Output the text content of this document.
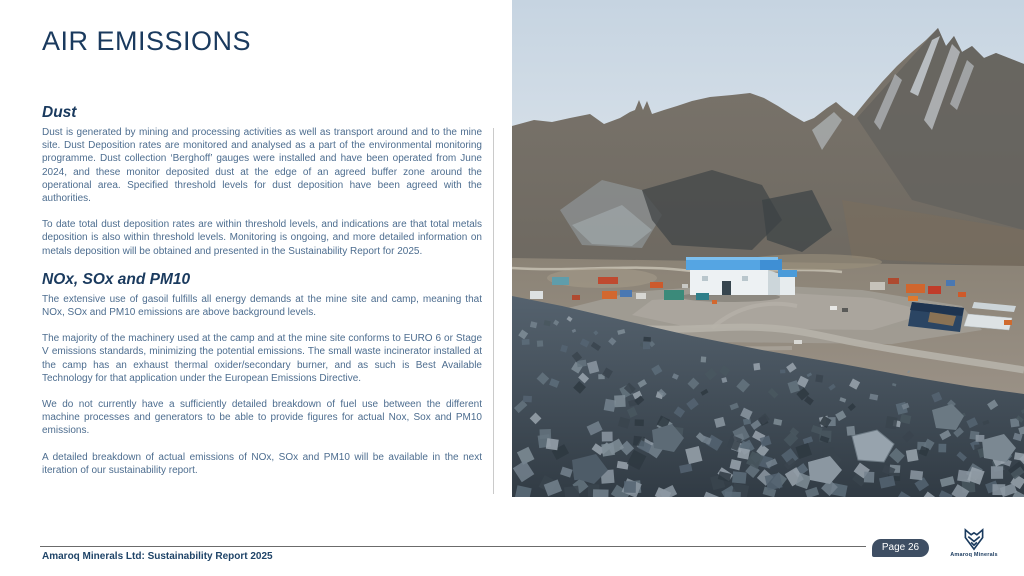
AIR EMISSIONS
Dust

Dust is generated by mining and processing activities as well as transport around and to the mine site. Dust Deposition rates are monitored and analysed as a part of the environmental monitoring programme. Dust collection ‘Berghoff’ gauges were installed and have been operated from June 2024, and these monitor deposited dust at the edge of an agreed buffer zone around the operational area. Specified threshold levels for dust deposition have been agreed with the authorities.

To date total dust deposition rates are within threshold levels, and indications are that total metals deposition is also within threshold levels. Monitoring is ongoing, and more detailed information on metals deposition will be obtained and presented in the Sustainability Report for 2025.

NOx, SOx and PM10

The extensive use of gasoil fulfills all energy demands at the mine site and camp, meaning that NOx, SOx and PM10 emissions are above background levels.

The majority of the machinery used at the camp and at the mine site conforms to EURO 6 or Stage V emissions standards, minimizing the potential emissions. The small waste incinerator installed at the camp has an exhaust thermal oxider/secondary burner, and as such is Best Available Technology for that application under the European Emissions Directive.

We do not currently have a sufficiently detailed breakdown of fuel use between the different machine processes and generators to be able to provide figures for actual Nox, Sox and PM10 emissions.

A detailed breakdown of actual emissions of NOx, SOx and PM10 will be available in the next iteration of our sustainability report.

Amaroq Minerals Ltd: Sustainability Report 2025
Page 26
Amaroq Minerals
